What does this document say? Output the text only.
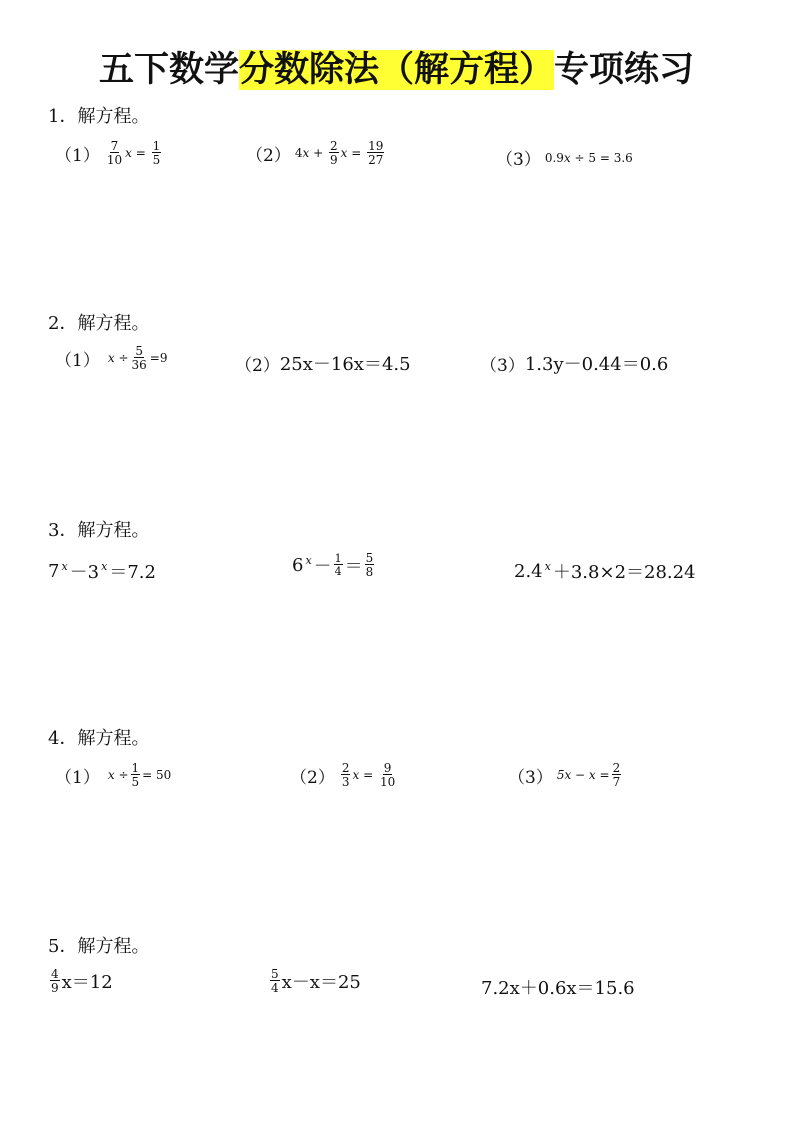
五下数学分数除法（解方程）专项练习
1．解方程。
$(1) \frac{7}{10}$ x
=
$\frac{1}{5}$	（2） 4 x
+
$\frac{2}{9}$ x
=
$\frac{19}{27}$	（3） 0.9 x
÷ 5 = 3.6
2．解方程。
（1） x
÷ $\frac{5}{36} =9$	（2） 25x－16x＝4.5	（3） 1.3y－0.44＝0.6
3．解方程。
7 x －3 x ＝7.2	6 $x - \frac{1}{4} = \frac{5}{8}$	2.4 x ＋3.8×2＝28.24
4．解方程。
（1） x
÷ $\frac{1}{5} = 50$	$(2) \frac{2}{3}$ x
=
$\frac{9}{10}$	（3） $5x - x = \frac{2}{7}$
5．解方程。
$\frac{4}{9} x=12$	$\frac{5}{4} x-x=25$	7.2x＋0.6x＝15.6
